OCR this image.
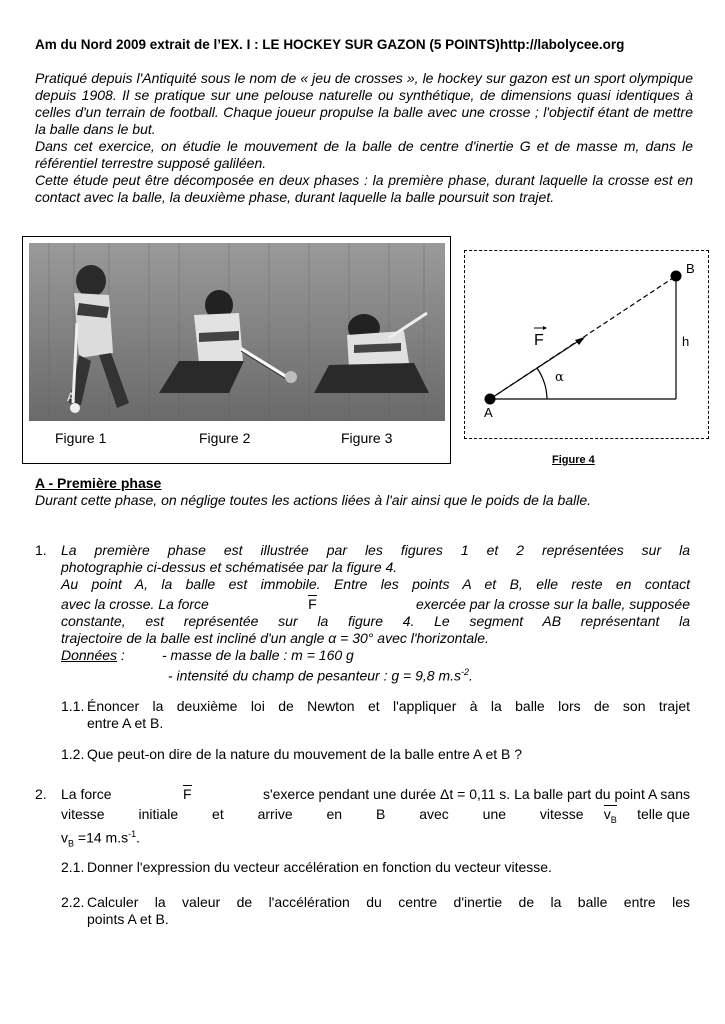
Am du Nord 2009 extrait de l’EX. I : LE HOCKEY SUR GAZON (5 POINTS)http://labolycee.org

Pratiqué depuis l'Antiquité sous le nom de « jeu de crosses », le hockey sur gazon est un sport olympique depuis 1908. Il se pratique sur une pelouse naturelle ou synthétique, de dimensions quasi identiques à celles d'un terrain de football. Chaque joueur propulse la balle avec une crosse ; l'objectif étant de mettre la balle dans le but.

Dans cet exercice, on étudie le mouvement de la balle de centre d'inertie G et de masse m, dans le référentiel terrestre supposé galiléen.

Cette étude peut être décomposée en deux phases : la première phase, durant laquelle la crosse est en contact avec la balle, la deuxième phase, durant laquelle la balle poursuit son trajet.

A
Figure 1	Figure 2	Figure 3
F
B
A
h
α
Figure 4
A - Première phase
Durant cette phase, on néglige toutes les actions liées à l'air ainsi que le poids de la balle.
1. La première phase est illustrée par les figures 1 et 2 représentées sur la
photographie ci-dessus et schématisée par la figure 4.
Au point A, la balle est immobile. Entre les points A et B, elle reste en contact
avec la crosse. La force	F	exercée par la crosse sur la balle, supposée
constante, est représentée sur la figure 4. Le segment AB représentant la
trajectoire de la balle est incliné d'un angle α = 30° avec l'horizontale.
Données :	- masse de la balle : m = 160 g
- intensité du champ de pesanteur : g = 9,8 $m.s^{-2}$.
1.1. Énoncer la deuxième loi de Newton et l'appliquer à la balle lors de son trajet
entre A et B.
1.2. Que peut-on dire de la nature du mouvement de la balle entre A et B ?
2. La force	F	s'exerce pendant une durée Δt = 0,11 s. La balle part du point A sans
vitesse initiale et arrive en B avec une vitesse $v_B$ telle que
$v_B =14$ $m.s^{-1}$.
2.1. Donner l'expression du vecteur accélération en fonction du vecteur vitesse.
2.2. Calculer la valeur de l'accélération du centre d'inertie de la balle entre les
points A et B.
